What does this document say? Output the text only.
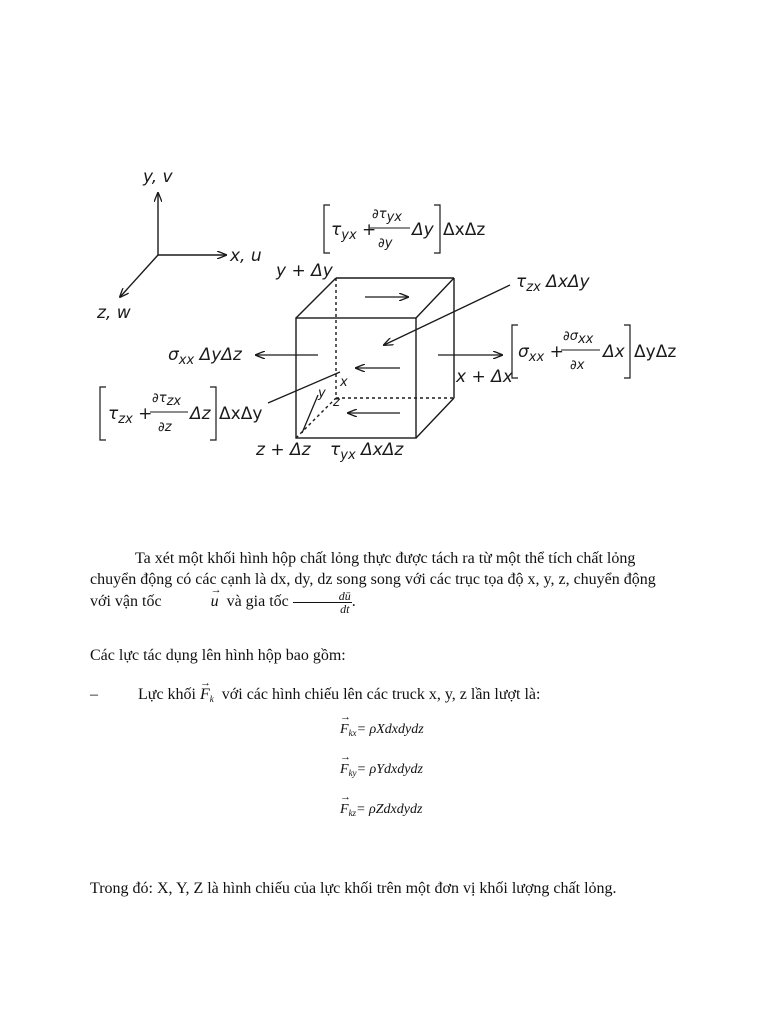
y, v
x, u
z, w
$\tau_{yx}$ +
∂τyx
∂y
Δy ΔxΔz
y + Δy
$\tau_{zx}$ ΔxΔy
$\sigma_{xx}$ ΔyΔz	$\sigma_{xx}$ +
∂σxx
∂x
Δx ΔyΔz
x + Δx
$\tau_{zx}$ +
∂τzx
∂z
Δz ΔxΔy
y
x
z
z + Δz $\tau_{yx}$ ΔxΔz
Ta xét một khối hình hộp chất lỏng thực được tách ra từ một thể tích chất lỏng chuyển động có các cạnh là dx, dy, dz song song với các trục tọa độ x, y, z, chuyển động với vận tốc	→ u và gia tốc $\frac{dū}{dt}$ .
Các lực tác dụng lên hình hộp bao gồm:
–	Lực khối → $F_k$ với các hình chiếu lên các truck x, y, z lần lượt là:
→ $F_{kx}=$ ρXdxdydz
→ $F_{ky}=$ ρYdxdydz
→ $F_{kz}=$ ρZdxdydz
Trong đó: X, Y, Z là hình chiếu của lực khối trên một đơn vị khối lượng chất lỏng.
